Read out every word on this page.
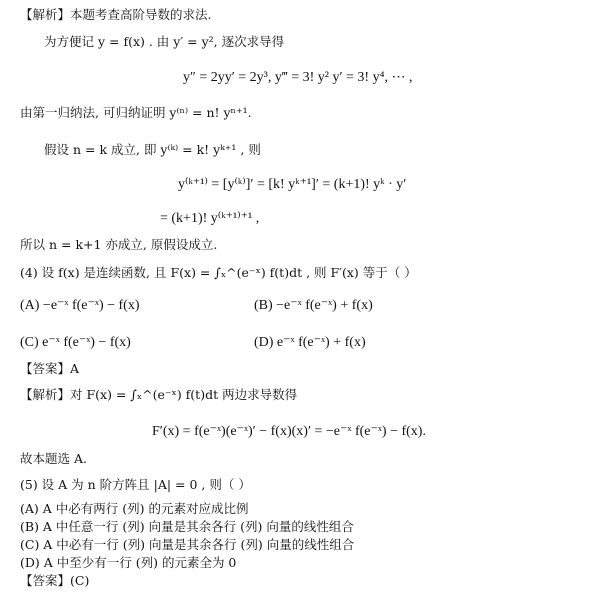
【解析】本题考查高阶导数的求法.
为方便记 y = f(x) . 由 y′ = y², 逐次求导得
y″ = 2yy′ = 2y³, y‴ = 3! y² y′ = 3! y⁴, ⋯ ,
由第一归纳法, 可归纳证明 y⁽ⁿ⁾ = n! yⁿ⁺¹.
假设 n = k 成立, 即 y⁽ᵏ⁾ = k! yᵏ⁺¹ , 则
y⁽ᵏ⁺¹⁾ = [y⁽ᵏ⁾]′ = [k! yᵏ⁺¹]′ = (k+1)! yᵏ · y′
= (k+1)! y⁽ᵏ⁺¹⁾⁺¹ ,
所以 n = k+1 亦成立, 原假设成立.
(4) 设 f(x) 是连续函数, 且 F(x) = ∫ₓ^(e⁻ˣ) f(t)dt , 则 F′(x) 等于（ ）
(A) −e⁻ˣ f(e⁻ˣ) − f(x)	(B) −e⁻ˣ f(e⁻ˣ) + f(x)
(C) e⁻ˣ f(e⁻ˣ) − f(x)	(D) e⁻ˣ f(e⁻ˣ) + f(x)
【答案】A
【解析】对 F(x) = ∫ₓ^(e⁻ˣ) f(t)dt 两边求导数得
F′(x) = f(e⁻ˣ)(e⁻ˣ)′ − f(x)(x)′ = −e⁻ˣ f(e⁻ˣ) − f(x).
故本题选 A.
(5) 设 A 为 n 阶方阵且 |A| = 0 , 则（ ）
(A) A 中必有两行 (列) 的元素对应成比例
(B) A 中任意一行 (列) 向量是其余各行 (列) 向量的线性组合
(C) A 中必有一行 (列) 向量是其余各行 (列) 向量的线性组合
(D) A 中至少有一行 (列) 的元素全为 0
【答案】(C)
